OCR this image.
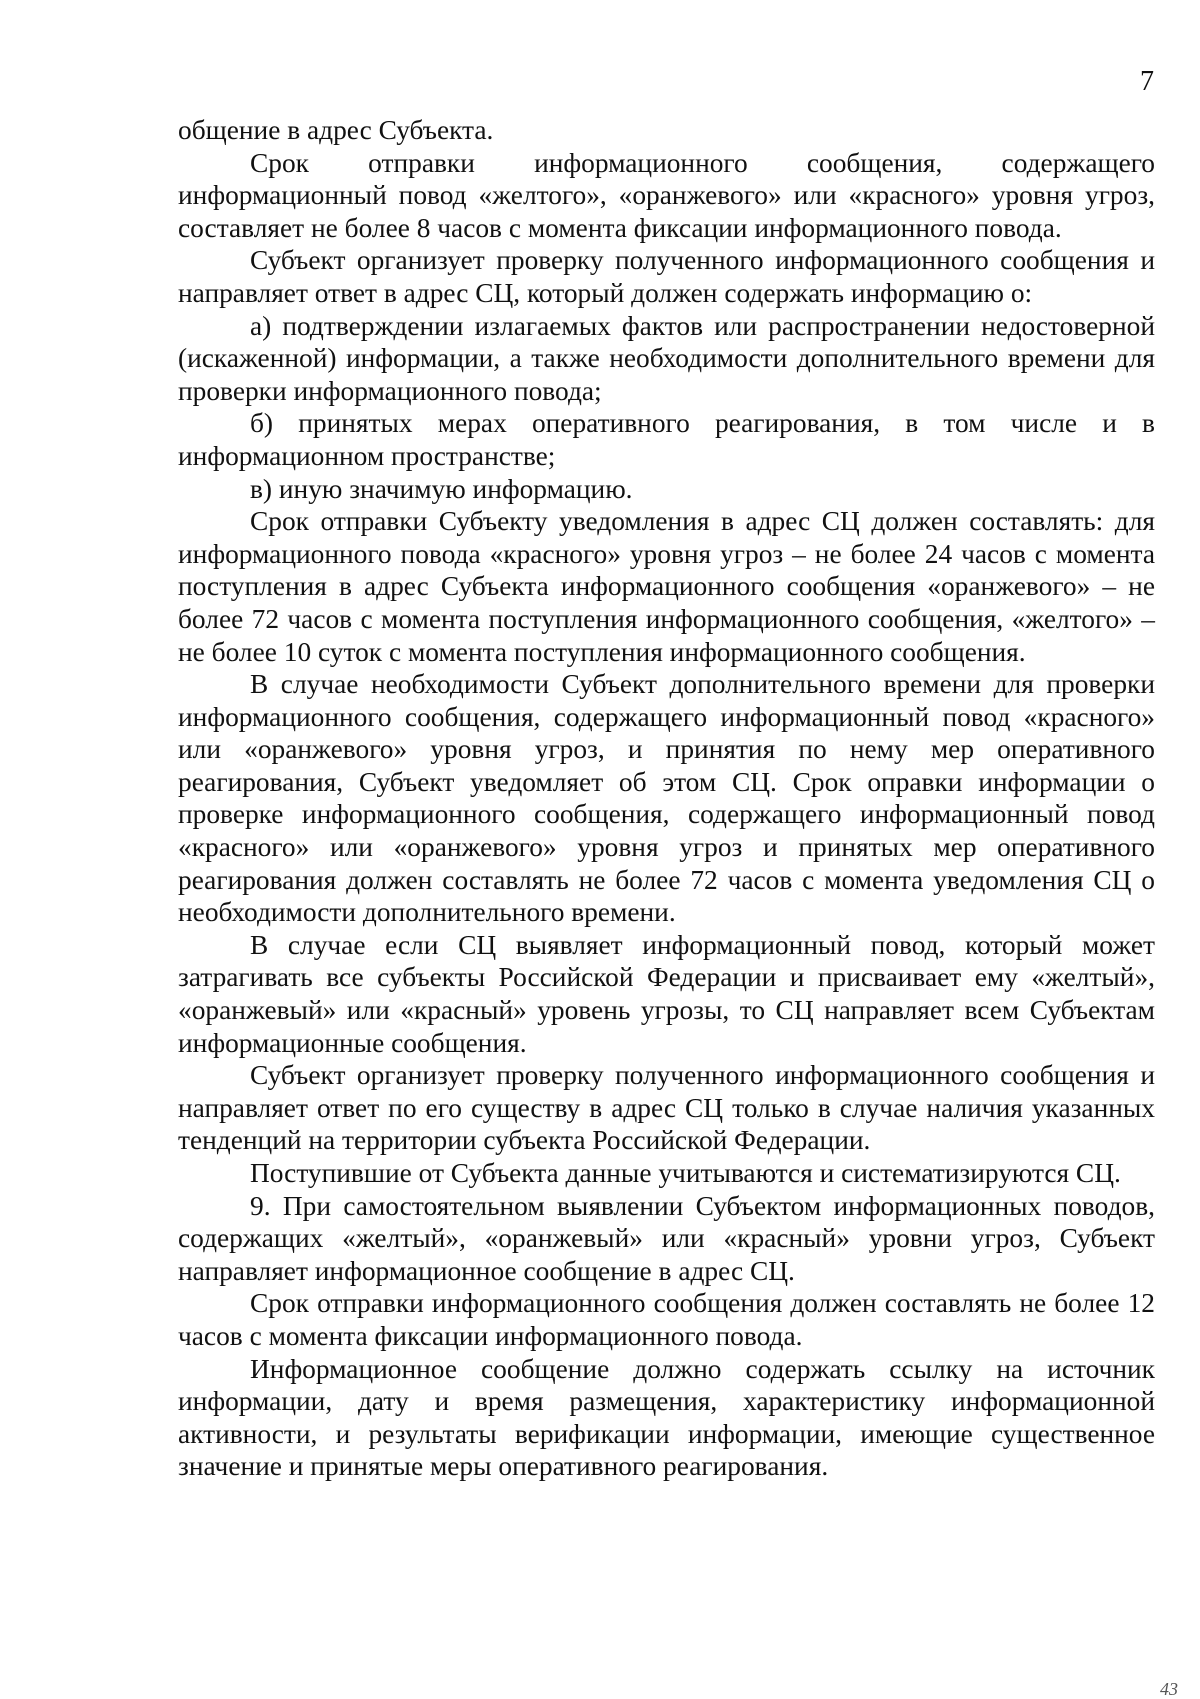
7

общение в адрес Субъекта.

Срок отправки информационного сообщения, содержащего информационный повод «желтого», «оранжевого» или «красного» уровня угроз, составляет не более 8 часов с момента фиксации информационного повода.

Субъект организует проверку полученного информационного сообщения и направляет ответ в адрес СЦ, который должен содержать информацию о:

а) подтверждении излагаемых фактов или распространении недостоверной (искаженной) информации, а также необходимости дополнительного времени для проверки информационного повода;

б) принятых мерах оперативного реагирования, в том числе и в информационном пространстве;

в) иную значимую информацию.

Срок отправки Субъекту уведомления в адрес СЦ должен составлять: для информационного повода «красного» уровня угроз – не более 24 часов с момента поступления в адрес Субъекта информационного сообщения «оранжевого» – не более 72 часов с момента поступления информационного сообщения, «желтого» – не более 10 суток с момента поступления информационного сообщения.

В случае необходимости Субъект дополнительного времени для проверки информационного сообщения, содержащего информационный повод «красного» или «оранжевого» уровня угроз, и принятия по нему мер оперативного реагирования, Субъект уведомляет об этом СЦ. Срок оправки информации о проверке информационного сообщения, содержащего информационный повод «красного» или «оранжевого» уровня угроз и принятых мер оперативного реагирования должен составлять не более 72 часов с момента уведомления СЦ о необходимости дополнительного времени.

В случае если СЦ выявляет информационный повод, который может затрагивать все субъекты Российской Федерации и присваивает ему «желтый», «оранжевый» или «красный» уровень угрозы, то СЦ направляет всем Субъектам информационные сообщения.

Субъект организует проверку полученного информационного сообщения и направляет ответ по его существу в адрес СЦ только в случае наличия указанных тенденций на территории субъекта Российской Федерации.

Поступившие от Субъекта данные учитываются и систематизируются СЦ.

9. При самостоятельном выявлении Субъектом информационных поводов, содержащих «желтый», «оранжевый» или «красный» уровни угроз, Субъект направляет информационное сообщение в адрес СЦ.

Срок отправки информационного сообщения должен составлять не более 12 часов с момента фиксации информационного повода.

Информационное сообщение должно содержать ссылку на источник информации, дату и время размещения, характеристику информационной активности, и результаты верификации информации, имеющие существенное значение и принятые меры оперативного реагирования.

43
